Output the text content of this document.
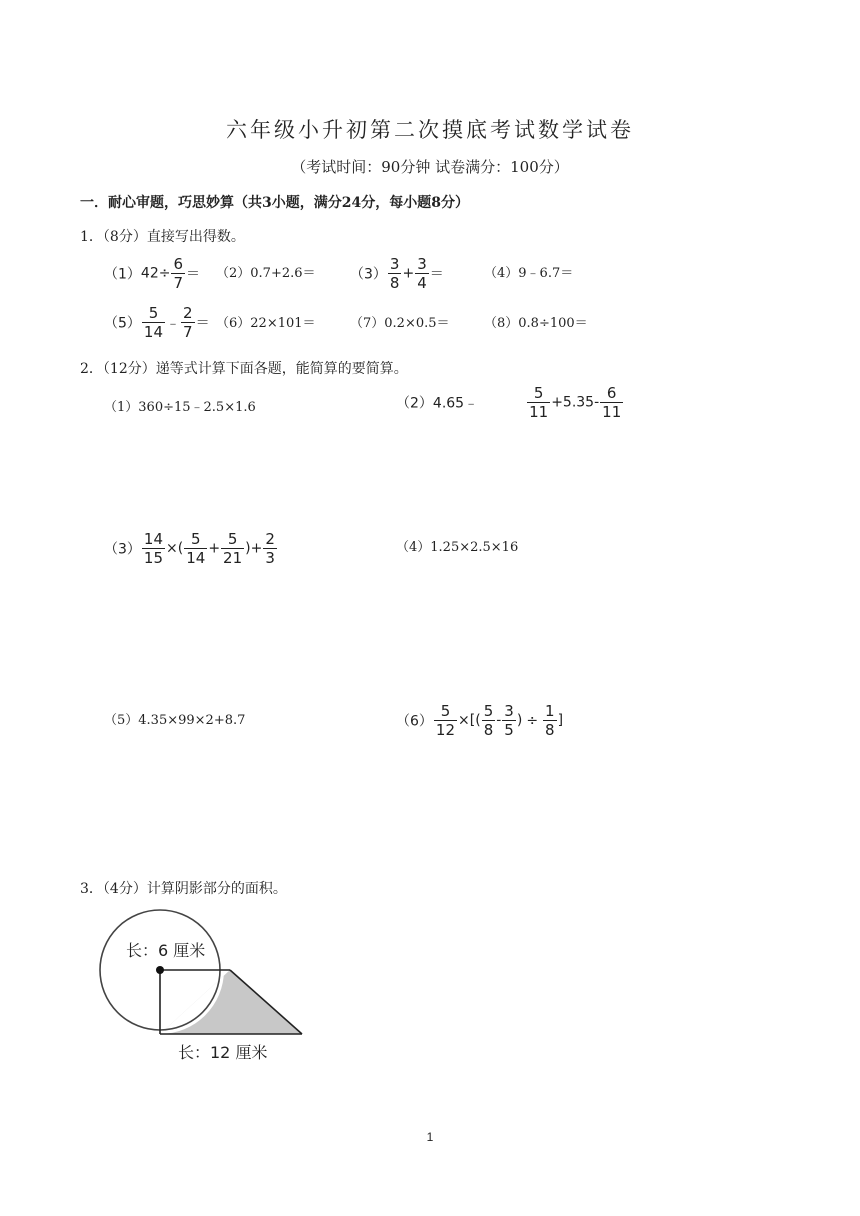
六年级小升初第二次摸底考试数学试卷
（考试时间：90分钟 试卷满分：100分）
一．耐心审题，巧思妙算（共3小题，满分24分，每小题8分）
1．（8分）直接写出得数。
$(1)42\div \frac{6}{7} = (2)0.7+2.6= (3) \frac{3}{8} + \frac{3}{4}$ ＝	（4）9﹣6.7＝
$(5) \frac{5}{14}$ ﹣ $\frac{2}{7} = (6)22\times 101=$	（7）0.2×0.5＝	（8）0.8÷100＝
2．（12分）递等式计算下面各题，能简算的要简算。
（1）360÷15﹣2.5×1.6	（2）4.65﹣	$\frac{5}{11} +5.35- \frac{6}{11}$
$(3) \frac{14}{15}$ ×( $\frac{5}{14} + \frac{5}{21}$ )+ $\frac{2}{3}$	（4）1.25×2.5×16
（5）4.35×99×2+8.7	$(6) \frac{5}{12}$ ×[( $\frac{5}{8} - \frac{3}{5}$ ) ÷ $\frac{1}{8}$ ]
3．（4分）计算阴影部分的面积。
长：6 厘米
长：12 厘米
1
